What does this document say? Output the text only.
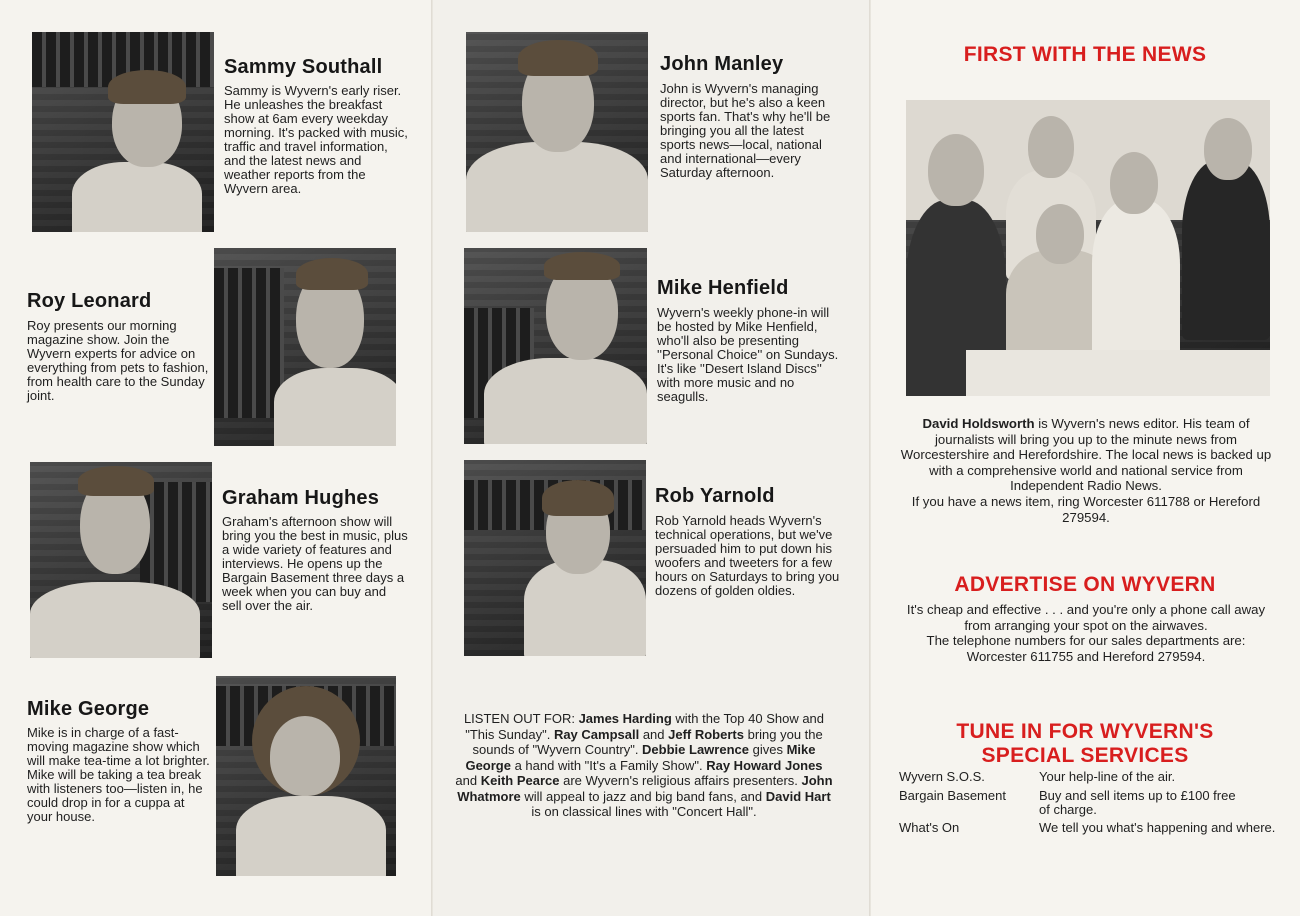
Sammy Southall
Sammy is Wyvern's early riser. He unleashes the breakfast show at 6am every weekday morning. It's packed with music, traffic and travel information, and the latest news and weather reports from the Wyvern area.
Roy Leonard
Roy presents our morning magazine show. Join the Wyvern experts for advice on everything from pets to fashion, from health care to the Sunday joint.
Graham Hughes
Graham's afternoon show will bring you the best in music, plus a wide variety of features and interviews. He opens up the Bargain Basement three days a week when you can buy and sell over the air.
Mike George
Mike is in charge of a fast-moving magazine show which will make tea-time a lot brighter. Mike will be taking a tea break with listeners too—listen in, he could drop in for a cuppa at your house.
John Manley
John is Wyvern's managing director, but he's also a keen sports fan. That's why he'll be bringing you all the latest sports news—local, national and international—every Saturday afternoon.
Mike Henfield
Wyvern's weekly phone-in will be hosted by Mike Henfield, who'll also be presenting ''Personal Choice'' on Sundays. It's like ''Desert Island Discs'' with more music and no seagulls.
Rob Yarnold
Rob Yarnold heads Wyvern's technical operations, but we've persuaded him to put down his woofers and tweeters for a few hours on Saturdays to bring you dozens of golden oldies.
LISTEN OUT FOR: James Harding with the Top 40 Show and "This Sunday". Ray Campsall and Jeff Roberts bring you the sounds of "Wyvern Country". Debbie Lawrence gives Mike George a hand with "It's a Family Show". Ray Howard Jones and Keith Pearce are Wyvern's religious affairs presenters. John Whatmore will appeal to jazz and big band fans, and David Hart is on classical lines with "Concert Hall".
FIRST WITH THE NEWS
David Holdsworth is Wyvern's news editor. His team of journalists will bring you up to the minute news from Worcestershire and Herefordshire. The local news is backed up with a comprehensive world and national service from Independent Radio News.
If you have a news item, ring Worcester 611788 or Hereford 279594.
ADVERTISE ON WYVERN
It's cheap and effective . . . and you're only a phone call away from arranging your spot on the airwaves.
The telephone numbers for our sales departments are: Worcester 611755 and Hereford 279594.
TUNE IN FOR WYVERN'S
SPECIAL SERVICES
Wyvern S.O.S.	Your help-line of the air.
Bargain Basement	Buy and sell items up to £100 free of charge.
What's On	We tell you what's happening and where.
